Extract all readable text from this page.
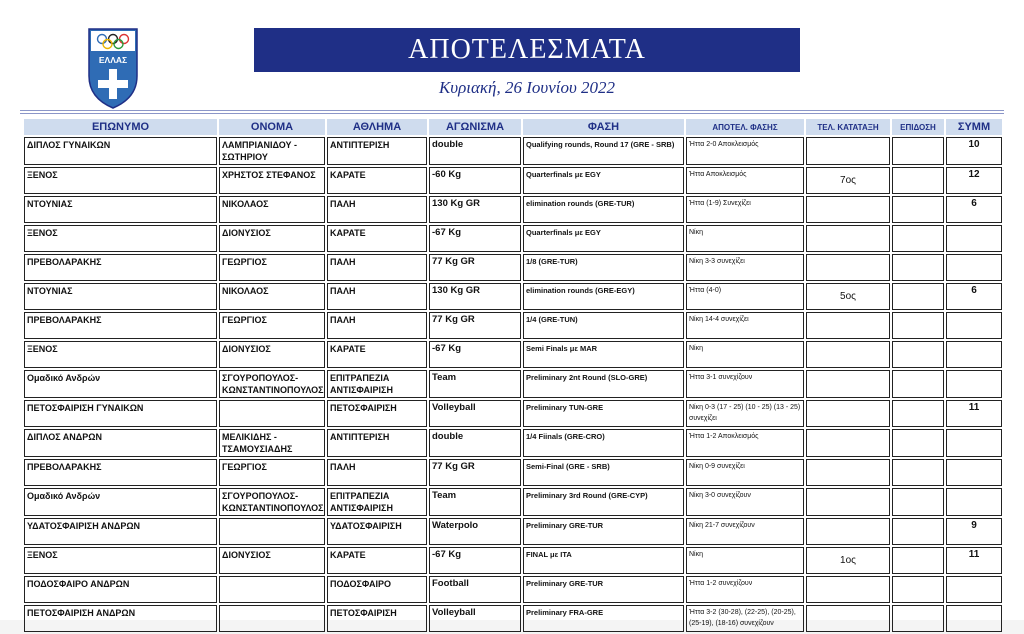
ΕΛΛΑΣ	ΑΠΟΤΕΛΕΣΜΑΤΑ
Κυριακή, 26 Ιουνίου 2022
ΕΠΩΝΥΜΟ	ΟΝΟΜΑ	ΑΘΛΗΜΑ	ΑΓΩΝΙΣΜΑ	ΦΑΣΗ	ΑΠΟΤΕΛ. ΦΑΣΗΣ	ΤΕΛ. ΚΑΤΑΤΑΞΗ	ΕΠΙΔΟΣΗ	ΣΥΜΜ
ΔΙΠΛΟΣ ΓΥΝΑΙΚΩΝ	ΛΑΜΠΡΙΑΝΙΔΟΥ - ΣΩΤΗΡΙΟΥ	ΑΝΤΙΠΤΕΡΙΣΗ	double	Qualifying rounds, Round 17 (GRE - SRB)	Ήττα 2-0 Αποκλεισμός			10
ΞΕΝΟΣ	ΧΡΗΣΤΟΣ ΣΤΕΦΑΝΟΣ	ΚΑΡΑΤΕ	-60 Kg	Quarterfinals με EGY	Ήττα Αποκλεισμός	7ος		12
ΝΤΟΥΝΙΑΣ	ΝΙΚΟΛΑΟΣ	ΠΑΛΗ	130 Kg GR	elimination rounds (GRE-TUR)	Ήττα (1-9) Συνεχίζει			6
ΞΕΝΟΣ	ΔΙΟΝΥΣΙΟΣ	ΚΑΡΑΤΕ	-67 Kg	Quarterfinals με EGY	Νίκη			
ΠΡΕΒΟΛΑΡΑΚΗΣ	ΓΕΩΡΓΙΟΣ	ΠΑΛΗ	77 Kg GR	1/8 (GRE-TUR)	Νίκη 3-3 συνεχίζει			
ΝΤΟΥΝΙΑΣ	ΝΙΚΟΛΑΟΣ	ΠΑΛΗ	130 Kg GR	elimination rounds (GRE-EGY)	Ήττα (4-0)	5ος		6
ΠΡΕΒΟΛΑΡΑΚΗΣ	ΓΕΩΡΓΙΟΣ	ΠΑΛΗ	77 Kg GR	1/4 (GRE-TUN)	Νίκη 14-4 συνεχίζει			
ΞΕΝΟΣ	ΔΙΟΝΥΣΙΟΣ	ΚΑΡΑΤΕ	-67 Kg	Semi Finals με MAR	Νίκη			
Ομαδικό Ανδρών	ΣΓΟΥΡΟΠΟΥΛΟΣ-ΚΩΝΣΤΑΝΤΙΝΟΠΟΥΛΟΣ	ΕΠΙΤΡΑΠΕΖΙΑ ΑΝΤΙΣΦΑΙΡΙΣΗ	Team	Preliminary 2nt Round (SLO-GRE)	Ήττα 3-1 συνεχίζουν			
ΠΕΤΟΣΦΑΙΡΙΣΗ ΓΥΝΑΙΚΩΝ		ΠΕΤΟΣΦΑΙΡΙΣΗ	Volleyball	Preliminary TUN-GRE	Νίκη 0-3 (17 - 25) (10 - 25) (13 - 25) συνεχίζει			11
ΔΙΠΛΟΣ ΑΝΔΡΩΝ	ΜΕΛΙΚΙΔΗΣ - ΤΣΑΜΟΥΣΙΑΔΗΣ	ΑΝΤΙΠΤΕΡΙΣΗ	double	1/4 Fiinals (GRE-CRO)	Ήττα 1-2 Αποκλεισμός			
ΠΡΕΒΟΛΑΡΑΚΗΣ	ΓΕΩΡΓΙΟΣ	ΠΑΛΗ	77 Kg GR	Semi-Final (GRE - SRB)	Νίκη 0-9 συνεχίζει			
Ομαδικό Ανδρών	ΣΓΟΥΡΟΠΟΥΛΟΣ-ΚΩΝΣΤΑΝΤΙΝΟΠΟΥΛΟΣ	ΕΠΙΤΡΑΠΕΖΙΑ ΑΝΤΙΣΦΑΙΡΙΣΗ	Team	Preliminary 3rd Round (GRE-CYP)	Νίκη 3-0 συνεχίζουν			
ΥΔΑΤΟΣΦΑΙΡΙΣΗ ΑΝΔΡΩΝ		ΥΔΑΤΟΣΦΑΙΡΙΣΗ	Waterpolo	Preliminary GRE-TUR	Νίκη 21-7 συνεχίζουν			9
ΞΕΝΟΣ	ΔΙΟΝΥΣΙΟΣ	ΚΑΡΑΤΕ	-67 Kg	FINAL με ITA	Νίκη	1ος		11
ΠΟΔΟΣΦΑΙΡΟ ΑΝΔΡΩΝ		ΠΟΔΟΣΦΑΙΡΟ	Football	Preliminary GRE-TUR	Ήττα 1-2 συνεχίζουν			
ΠΕΤΟΣΦΑΙΡΙΣΗ ΑΝΔΡΩΝ		ΠΕΤΟΣΦΑΙΡΙΣΗ	Volleyball	Preliminary FRA-GRE	Ήττα 3-2 (30-28), (22-25), (20-25), (25-19), (18-16) συνεχίζουν			
